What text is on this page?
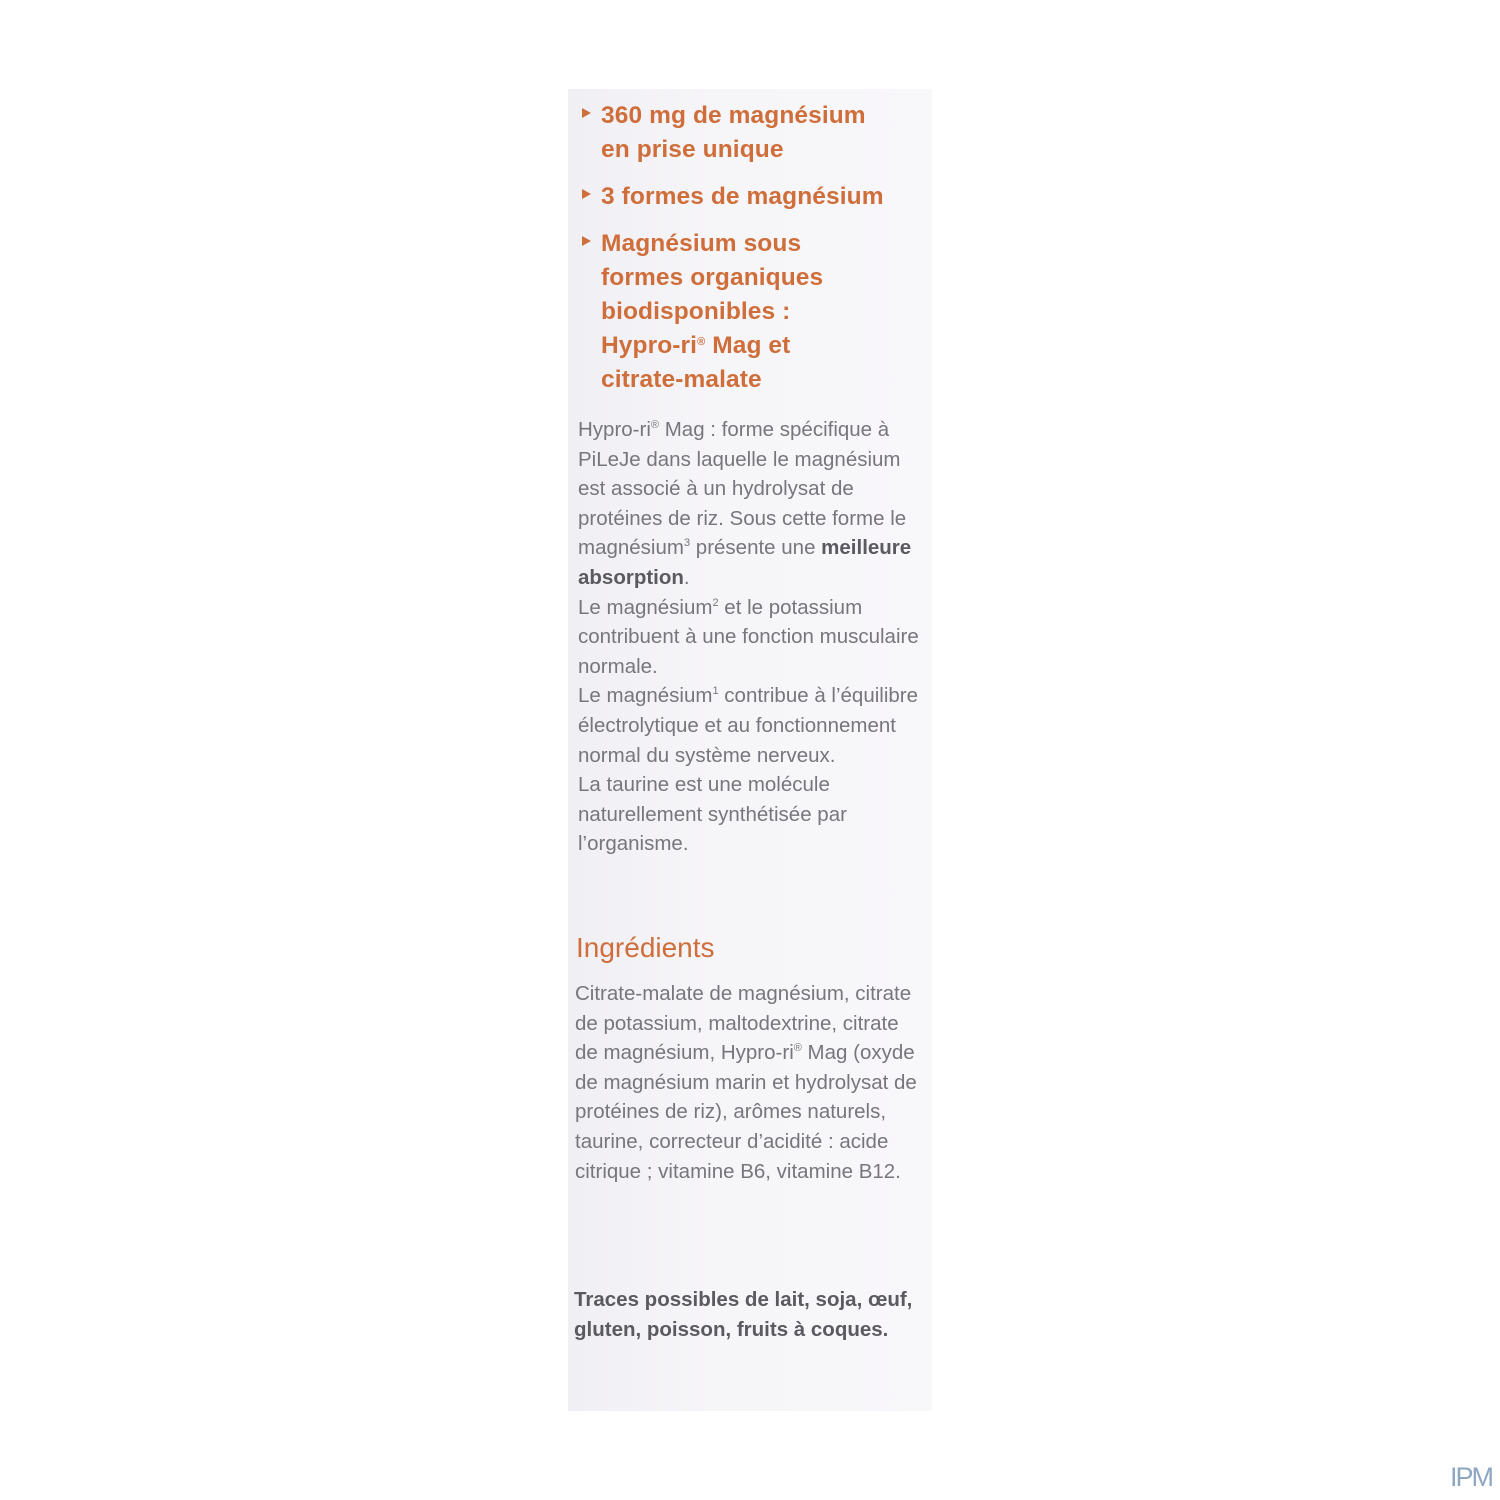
360 mg de magnésium
en prise unique
3 formes de magnésium
Magnésium sous
formes organiques
biodisponibles :
Hypro-ri® Mag et
citrate-malate
Hypro-ri® Mag : forme spécifique à PiLeJe dans laquelle le magnésium est associé à un hydrolysat de protéines de riz. Sous cette forme le magnésium$^3$ présente une meilleure absorption.
Le magnésium$^2$ et le potassium contribuent à une fonction musculaire normale.
Le magnésium$^1$ contribue à l’équilibre électrolytique et au fonctionnement normal du système nerveux.
La taurine est une molécule naturellement synthétisée par l’organisme.
Ingrédients
Citrate-malate de magnésium, citrate de potassium, maltodextrine, citrate de magnésium, Hypro-ri® Mag (oxyde de magnésium marin et hydrolysat de protéines de riz), arômes naturels, taurine, correcteur d’acidité : acide citrique ; vitamine B6, vitamine B12.
Traces possibles de lait, soja, œuf, gluten, poisson, fruits à coques.
IPM
